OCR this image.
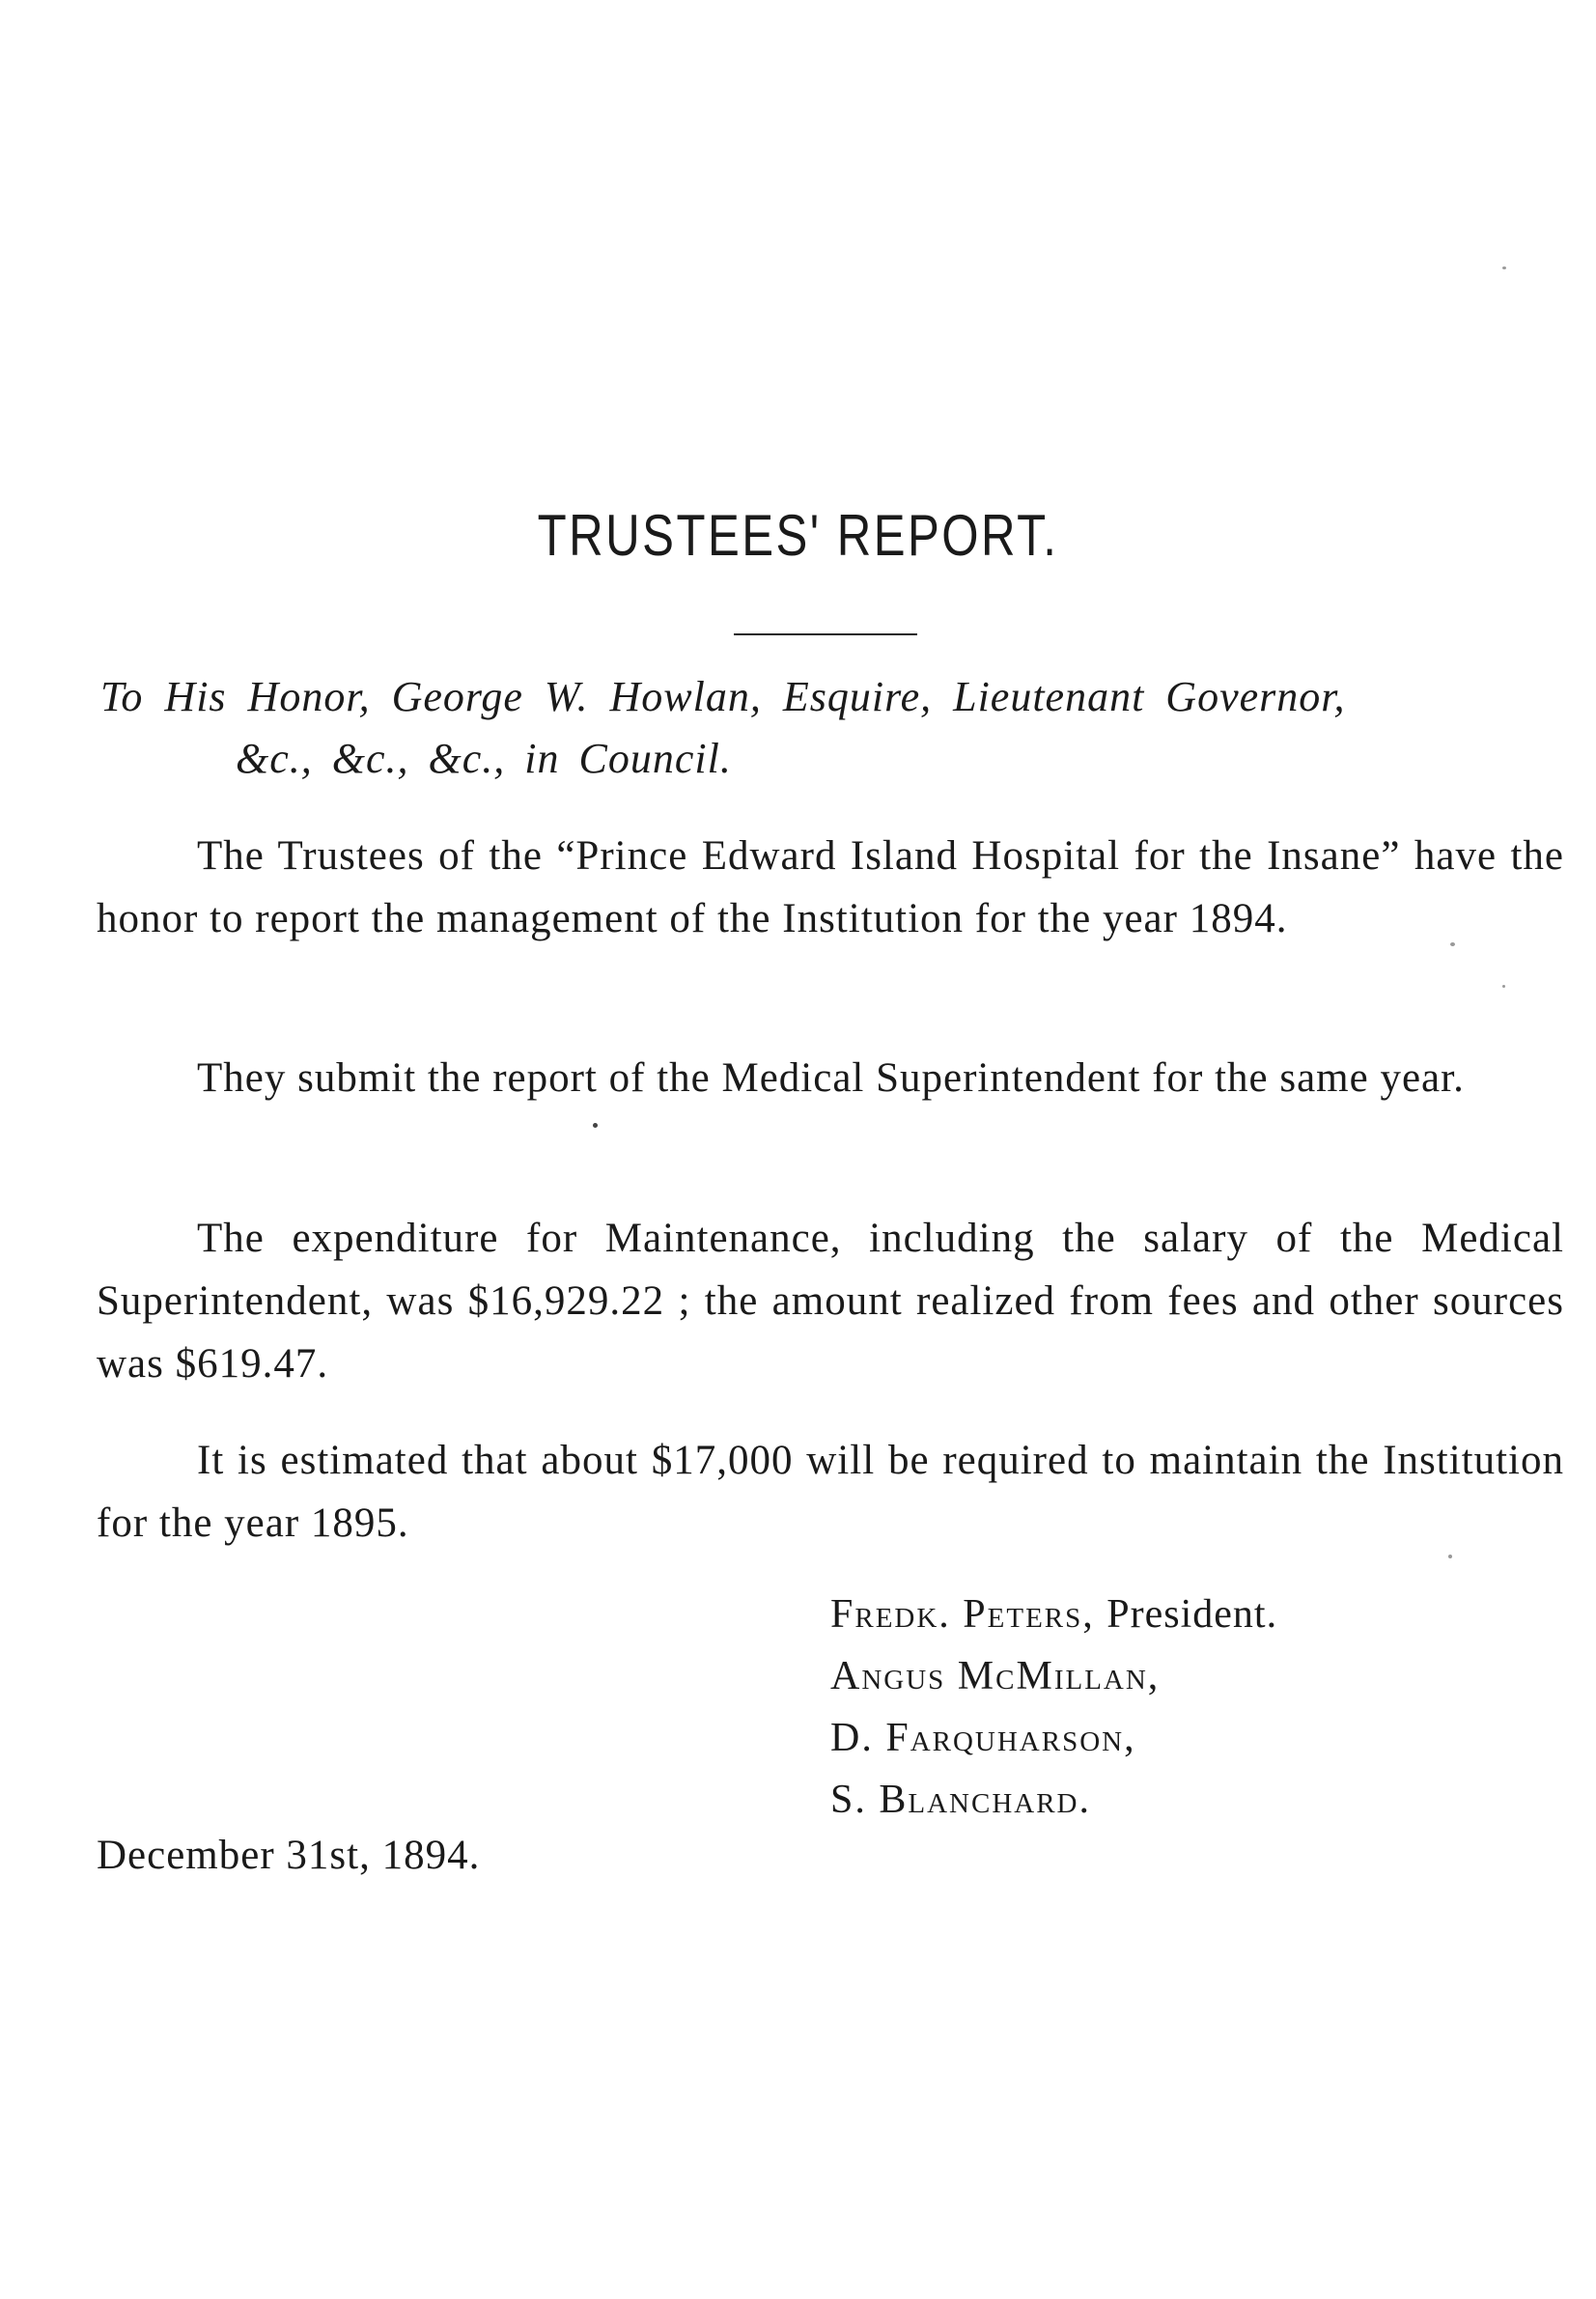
TRUSTEES' REPORT.
To His Honor, George W. Howlan, Esquire, Lieutenant Governor,
&c., &c., &c., in Council.

The Trustees of the “Prince Edward Island Hospital for the Insane” have the honor to report the management of the Institution for the year 1894.

They submit the report of the Medical Superintendent for the same year.

The expenditure for Maintenance, including the salary of the Medical Superintendent, was $16,929.22 ; the amount realized from fees and other sources was $619.47.

It is estimated that about $17,000 will be required to maintain the Institution for the year 1895.

Fredk. Peters, President.
Angus McMillan,
D. Farquharson,
S. Blanchard.
December 31st, 1894.
